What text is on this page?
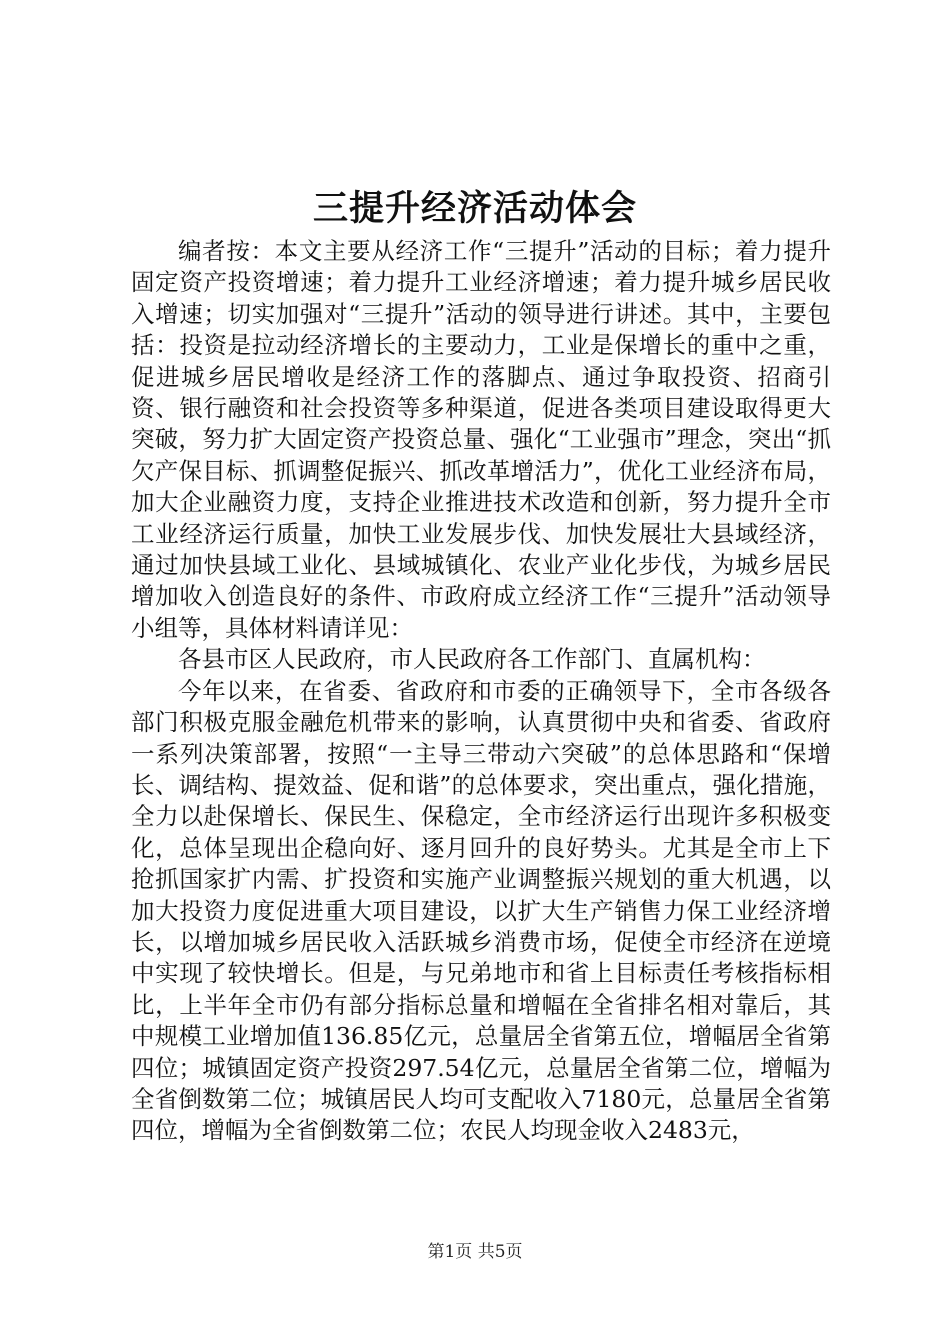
三提升经济活动体会

编者按：本文主要从经济工作“三提升”活动的目标；着力提升固定资产投资增速；着力提升工业经济增速；着力提升城乡居民收入增速；切实加强对“三提升”活动的领导进行讲述。其中，主要包括：投资是拉动经济增长的主要动力，工业是保增长的重中之重，促进城乡居民增收是经济工作的落脚点、通过争取投资、招商引资、银行融资和社会投资等多种渠道，促进各类项目建设取得更大突破，努力扩大固定资产投资总量、强化“工业强市”理念，突出“抓欠产保目标、抓调整促振兴、抓改革增活力”，优化工业经济布局，加大企业融资力度，支持企业推进技术改造和创新，努力提升全市工业经济运行质量，加快工业发展步伐、加快发展壮大县域经济，通过加快县域工业化、县域城镇化、农业产业化步伐，为城乡居民增加收入创造良好的条件、市政府成立经济工作“三提升”活动领导小组等，具体材料请详见：

各县市区人民政府，市人民政府各工作部门、直属机构：

今年以来，在省委、省政府和市委的正确领导下，全市各级各部门积极克服金融危机带来的影响，认真贯彻中央和省委、省政府一系列决策部署，按照“一主导三带动六突破”的总体思路和“保增长、调结构、提效益、促和谐”的总体要求，突出重点，强化措施，全力以赴保增长、保民生、保稳定，全市经济运行出现许多积极变化，总体呈现出企稳向好、逐月回升的良好势头。尤其是全市上下抢抓国家扩内需、扩投资和实施产业调整振兴规划的重大机遇，以加大投资力度促进重大项目建设，以扩大生产销售力保工业经济增长，以增加城乡居民收入活跃城乡消费市场，促使全市经济在逆境中实现了较快增长。但是，与兄弟地市和省上目标责任考核指标相比，上半年全市仍有部分指标总量和增幅在全省排名相对靠后，其中规模工业增加值136.85亿元，总量居全省第五位，增幅居全省第四位；城镇固定资产投资297.54亿元，总量居全省第二位，增幅为全省倒数第二位；城镇居民人均可支配收入7180元，总量居全省第四位，增幅为全省倒数第二位；农民人均现金收入2483元，

第1页 共5页
